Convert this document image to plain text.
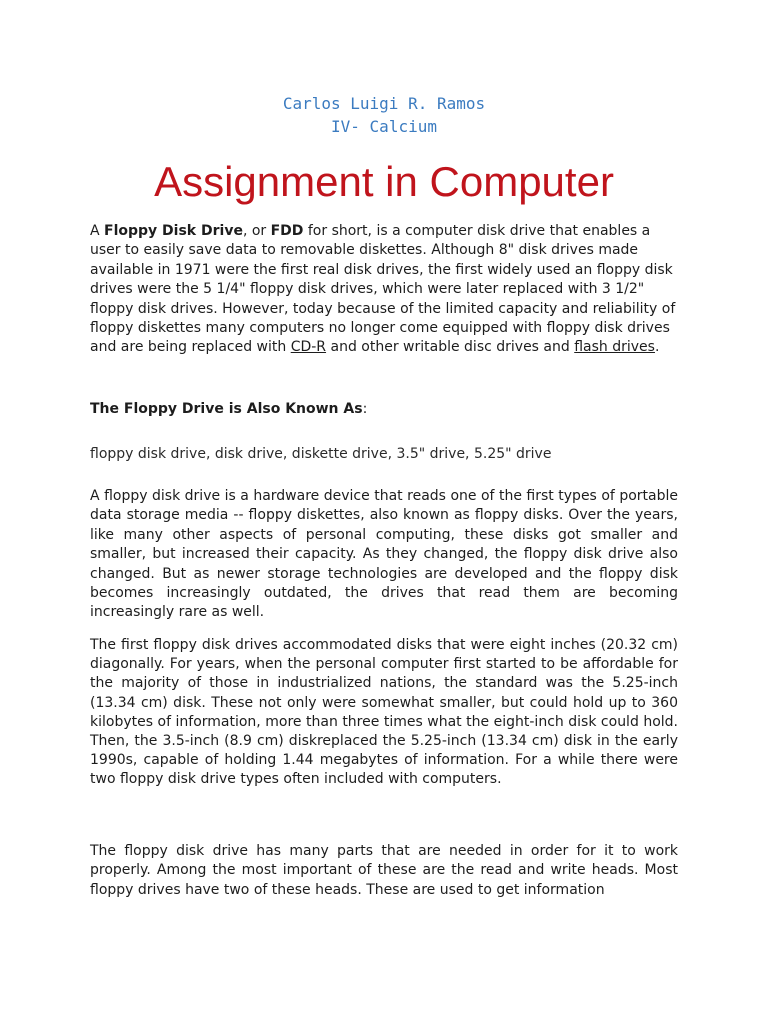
Carlos Luigi R. Ramos
IV- Calcium
Assignment in Computer

A Floppy Disk Drive, or FDD for short, is a computer disk drive that enables a user to easily save data to removable diskettes. Although 8" disk drives made available in 1971 were the first real disk drives, the first widely used an floppy disk drives were the 5 1/4" floppy disk drives, which were later replaced with 3 1/2" floppy disk drives. However, today because of the limited capacity and reliability of floppy diskettes many computers no longer come equipped with floppy disk drives and are being replaced with CD-R and other writable disc drives and flash drives.

The Floppy Drive is Also Known As:

floppy disk drive, disk drive, diskette drive, 3.5" drive, 5.25" drive

A floppy disk drive is a hardware device that reads one of the first types of portable data storage media -- floppy diskettes, also known as floppy disks. Over the years, like many other aspects of personal computing, these disks got smaller and smaller, but increased their capacity. As they changed, the floppy disk drive also changed. But as newer storage technologies are developed and the floppy disk becomes increasingly outdated, the drives that read them are becoming increasingly rare as well.

The first floppy disk drives accommodated disks that were eight inches (20.32 cm) diagonally. For years, when the personal computer first started to be affordable for the majority of those in industrialized nations, the standard was the 5.25-inch (13.34 cm) disk. These not only were somewhat smaller, but could hold up to 360 kilobytes of information, more than three times what the eight-inch disk could hold. Then, the 3.5-inch (8.9 cm) diskreplaced the 5.25-inch (13.34 cm) disk in the early 1990s, capable of holding 1.44 megabytes of information. For a while there were two floppy disk drive types often included with computers.

The floppy disk drive has many parts that are needed in order for it to work properly. Among the most important of these are the read and write heads. Most floppy drives have two of these heads. These are used to get information
